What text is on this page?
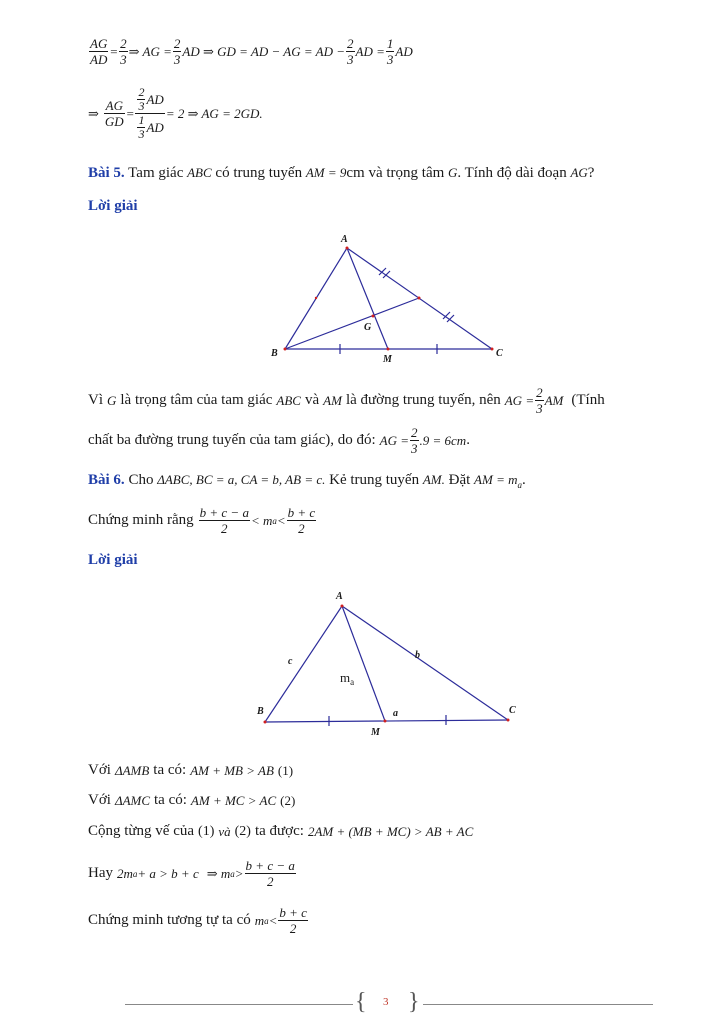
$\frac{AG}{AD} = \frac{2}{3}$ ⇒ AG = $\frac{2}{3}$ AD ⇒ GD = AD − AG = AD − $\frac{2}{3}$ AD = $\frac{1}{3}$ AD
⇒ $\frac{AG}{GD} = \frac{\frac{2}{3} AD}{\frac{1}{3} AD} = 2$ ⇒ AG = 2GD.
Bài 5. Tam giác ABC có trung tuyến AM = 9cm và trọng tâm G. Tính độ dài đoạn AG?
Lời giải
A
B	C
G
M
Vì G là trọng tâm của tam giác ABC và AM là đường trung tuyến, nên AG = $\frac{2}{3}$ AM (Tính
chất ba đường trung tuyến của tam giác), do đó: AG = $\frac{2}{3} .9 = 6cm$ .
Bài 6. Cho ΔABC, BC = a, CA = b, AB = c. Kẻ trung tuyến AM. Đặt AM = $m_a$.
Chứng minh rằng $\frac{b + c - a}{2} < m$ $a < \frac{b + c}{2}$
Lời giải
A
B	C
M
a
b
c
$m_a$
Với ΔAMB ta có: AM + MB > AB (1)
Với ΔAMC ta có: AM + MC > AC (2)
Cộng từng vế của (1) và (2) ta được: 2AM + (MB + MC) > AB + AC
Hay 2m a + a > b + c ⇒ m $a > \frac{b + c - a}{2}$
Chứng minh tương tự ta có m $a < \frac{b + c}{2}$
{ }
3
